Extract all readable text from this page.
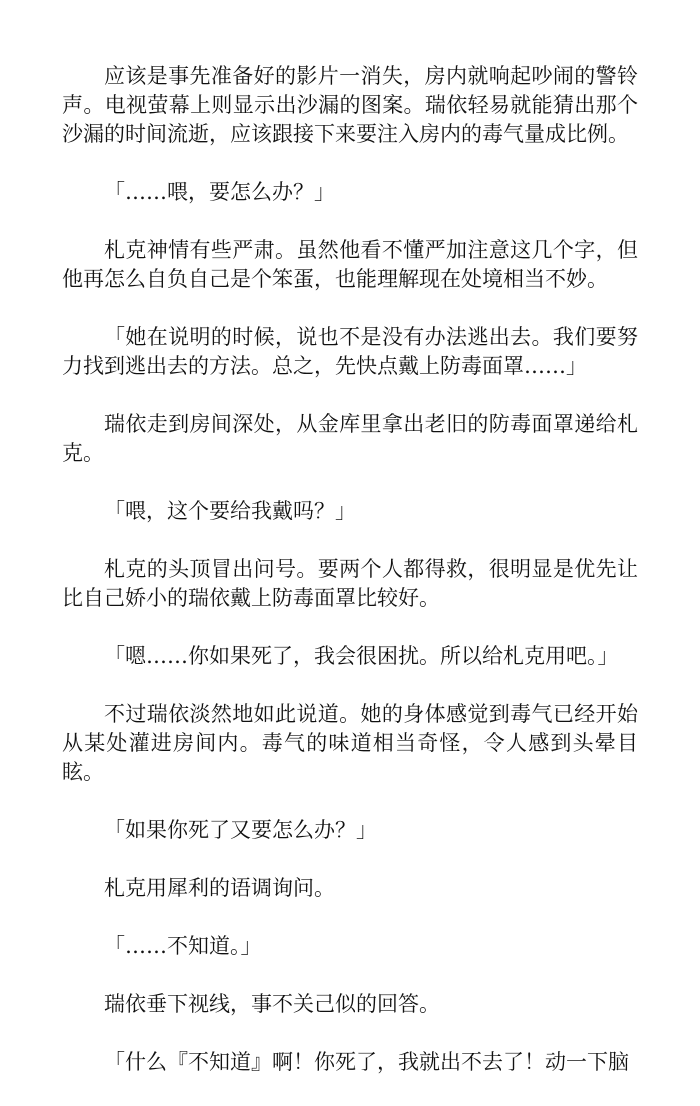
应该是事先准备好的影片一消失，房内就响起吵闹的警铃声。电视萤幕上则显示出沙漏的图案。瑞依轻易就能猜出那个沙漏的时间流逝，应该跟接下来要注入房内的毒气量成比例。

「……喂，要怎么办？」

札克神情有些严肃。虽然他看不懂严加注意这几个字，但他再怎么自负自己是个笨蛋，也能理解现在处境相当不妙。

「她在说明的时候，说也不是没有办法逃出去。我们要努力找到逃出去的方法。总之，先快点戴上防毒面罩……」

瑞依走到房间深处，从金库里拿出老旧的防毒面罩递给札克。

「喂，这个要给我戴吗？」

札克的头顶冒出问号。要两个人都得救，很明显是优先让比自己娇小的瑞依戴上防毒面罩比较好。

「嗯……你如果死了，我会很困扰。所以给札克用吧。」

不过瑞依淡然地如此说道。她的身体感觉到毒气已经开始从某处灌进房间内。毒气的味道相当奇怪，令人感到头晕目眩。

「如果你死了又要怎么办？」

札克用犀利的语调询问。

「……不知道。」

瑞依垂下视线，事不关己似的回答。

「什么『不知道』啊！你死了，我就出不去了！动一下脑
